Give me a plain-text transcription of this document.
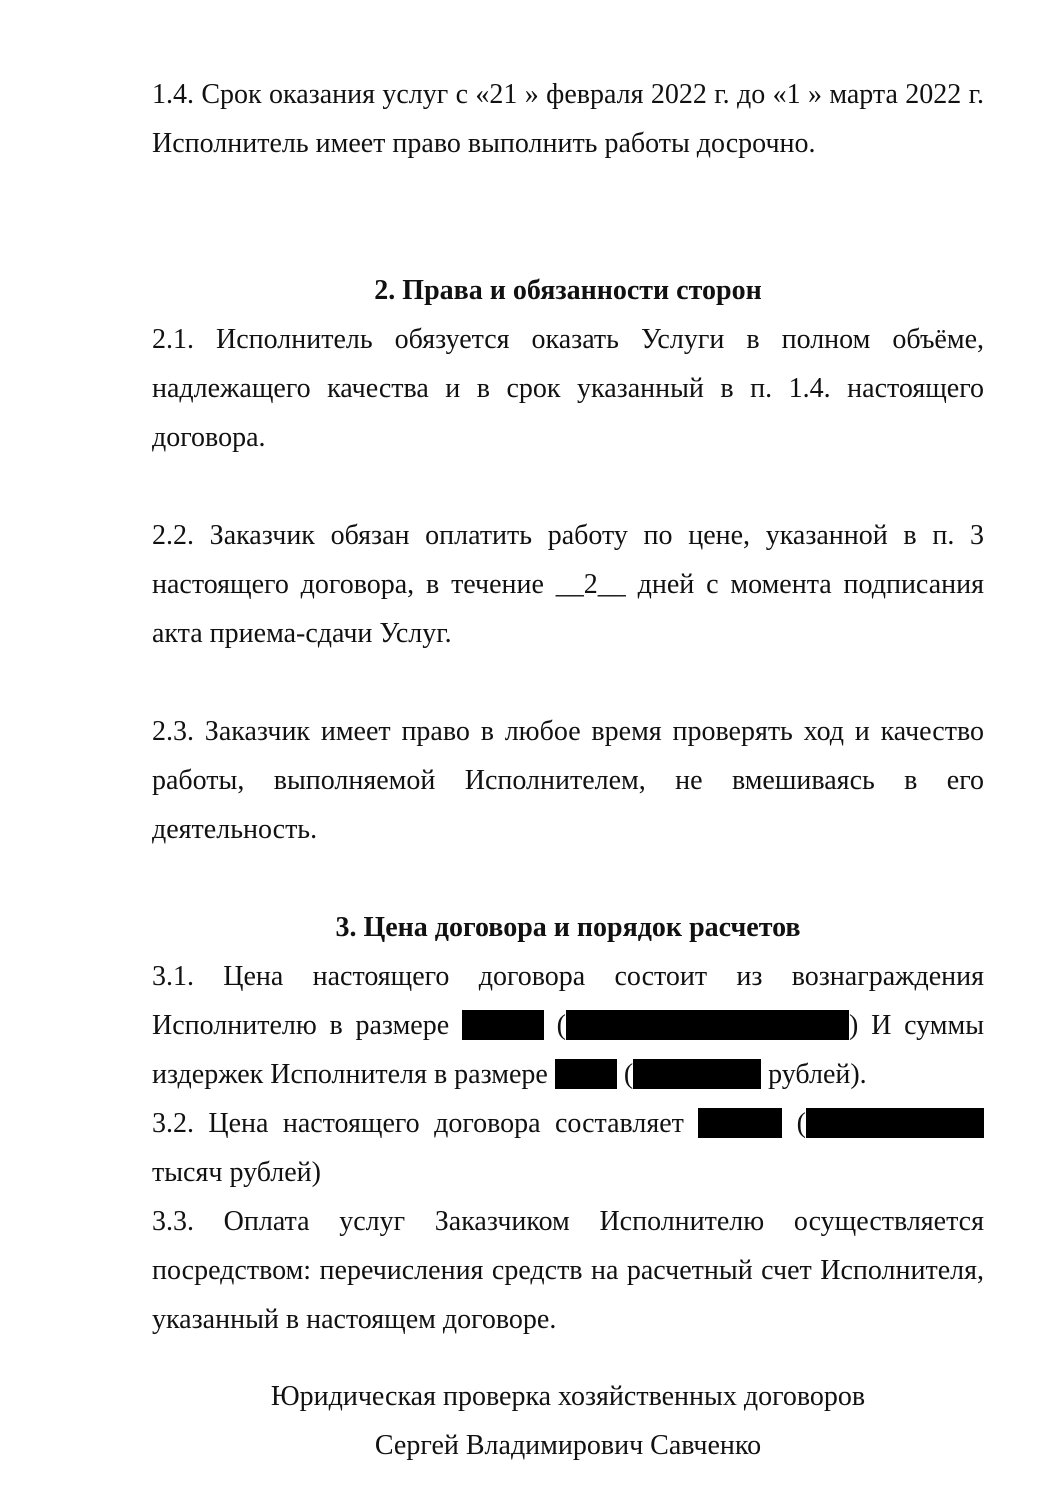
1.4. Срок оказания услуг с «21 » февраля 2022 г. до «1 » марта 2022 г. Исполнитель имеет право выполнить работы досрочно.

2. Права и обязанности сторон

2.1. Исполнитель обязуется оказать Услуги в полном объёме, надлежащего качества и в срок указанный в п. 1.4. настоящего договора.

2.2. Заказчик обязан оплатить работу по цене, указанной в п. 3 настоящего договора, в течение __2__ дней с момента подписания акта приема-сдачи Услуг.

2.3. Заказчик имеет право в любое время проверять ход и качество работы, выполняемой Исполнителем, не вмешиваясь в его деятельность.

3. Цена договора и порядок расчетов

3.1. Цена настоящего договора состоит из вознаграждения Исполнителю в размере	(	) И суммы издержек Исполнителя в размере  (	рублей).

3.2. Цена настоящего договора составляет	( тысяч рублей)

3.3. Оплата услуг Заказчиком Исполнителю осуществляется посредством: перечисления средств на расчетный счет Исполнителя, указанный в настоящем договоре.

Юридическая проверка хозяйственных договоров
Сергей Владимирович Савченко
